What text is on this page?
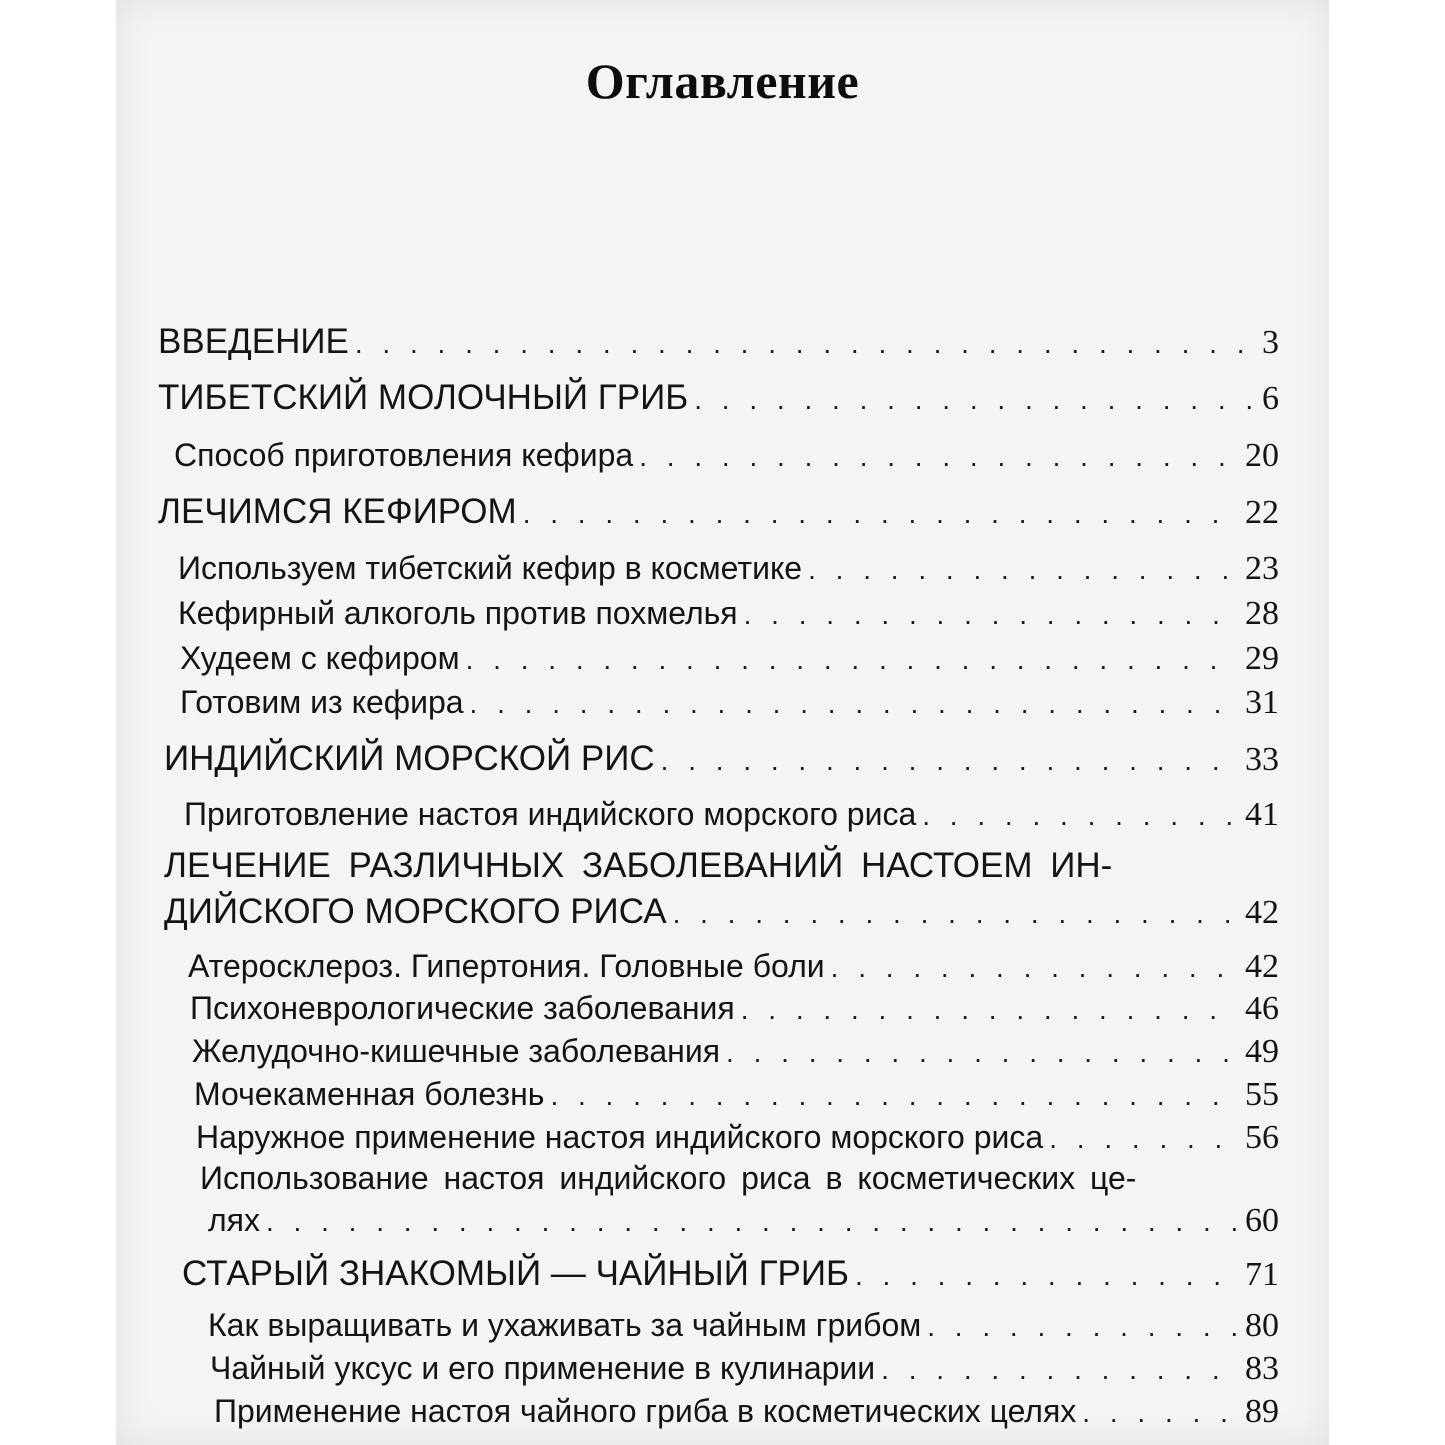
Оглавление
ВВЕДЕНИЕ . . .	3
ТИБЕТСКИЙ МОЛОЧНЫЙ ГРИБ . . .	6
Способ приготовления кефира . . .	20
ЛЕЧИМСЯ КЕФИРОМ . . .	22
Используем тибетский кефир в косметике . . .	23
Кефирный алкоголь против похмелья . . .	28
Худеем с кефиром . . .	29
Готовим из кефира . . .	31
ИНДИЙСКИЙ МОРСКОЙ РИС . . .	33
Приготовление настоя индийского морского риса . . .	41
ЛЕЧЕНИЕ РАЗЛИЧНЫХ ЗАБОЛЕВАНИЙ НАСТОЕМ ИН-
ДИЙСКОГО МОРСКОГО РИСА . . .	42
Атеросклероз. Гипертония. Головные боли . . .	42
Психоневрологические заболевания . . .	46
Желудочно-кишечные заболевания . . .	49
Мочекаменная болезнь . . .	55
Наружное применение настоя индийского морского риса . . .	56
Использование настоя индийского риса в косметических це-
лях . . .	60
СТАРЫЙ ЗНАКОМЫЙ — ЧАЙНЫЙ ГРИБ . . .	71
Как выращивать и ухаживать за чайным грибом . . .	80
Чайный уксус и его применение в кулинарии . . .	83
Применение настоя чайного гриба в косметических целях . . .	89
